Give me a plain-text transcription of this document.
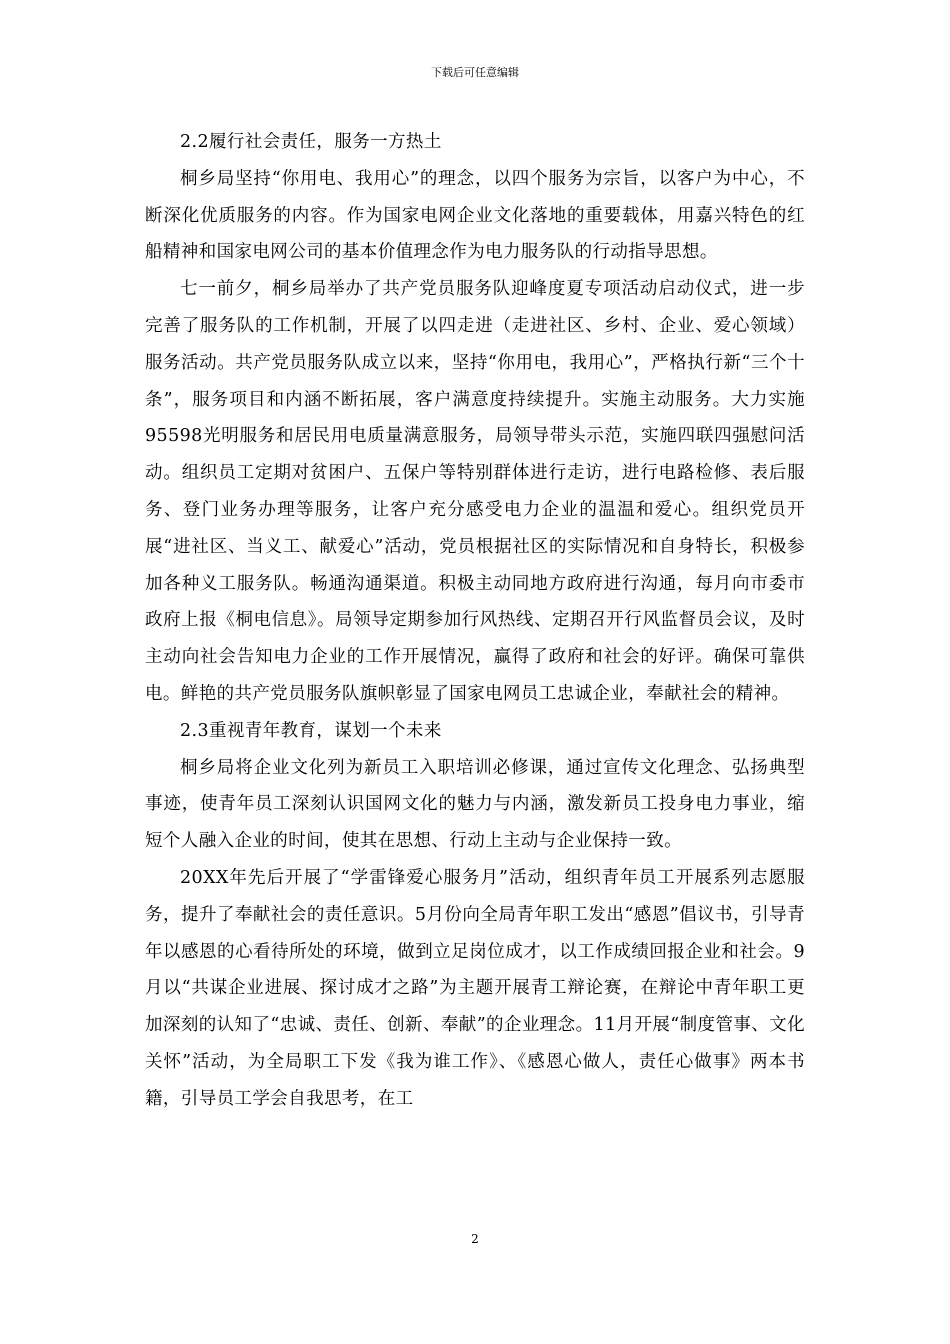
下载后可任意编辑

2.2履行社会责任，服务一方热土

桐乡局坚持“你用电、我用心”的理念，以四个服务为宗旨，以客户为中心，不断深化优质服务的内容。作为国家电网企业文化落地的重要载体，用嘉兴特色的红船精神和国家电网公司的基本价值理念作为电力服务队的行动指导思想。

七一前夕，桐乡局举办了共产党员服务队迎峰度夏专项活动启动仪式，进一步完善了服务队的工作机制，开展了以四走进（走进社区、乡村、企业、爱心领域）服务活动。共产党员服务队成立以来，坚持“你用电，我用心”，严格执行新“三个十条”，服务项目和内涵不断拓展，客户满意度持续提升。实施主动服务。大力实施95598光明服务和居民用电质量满意服务，局领导带头示范，实施四联四强慰问活动。组织员工定期对贫困户、五保户等特别群体进行走访，进行电路检修、表后服务、登门业务办理等服务，让客户充分感受电力企业的温温和爱心。组织党员开展“进社区、当义工、献爱心”活动，党员根据社区的实际情况和自身特长，积极参加各种义工服务队。畅通沟通渠道。积极主动同地方政府进行沟通，每月向市委市政府上报《桐电信息》。局领导定期参加行风热线、定期召开行风监督员会议，及时主动向社会告知电力企业的工作开展情况，赢得了政府和社会的好评。确保可靠供电。鲜艳的共产党员服务队旗帜彰显了国家电网员工忠诚企业，奉献社会的精神。

2.3重视青年教育，谋划一个未来

桐乡局将企业文化列为新员工入职培训必修课，通过宣传文化理念、弘扬典型事迹，使青年员工深刻认识国网文化的魅力与内涵，激发新员工投身电力事业，缩短个人融入企业的时间，使其在思想、行动上主动与企业保持一致。

20XX年先后开展了“学雷锋爱心服务月”活动，组织青年员工开展系列志愿服务，提升了奉献社会的责任意识。5月份向全局青年职工发出“感恩”倡议书，引导青年以感恩的心看待所处的环境，做到立足岗位成才，以工作成绩回报企业和社会。9月以“共谋企业进展、探讨成才之路”为主题开展青工辩论赛，在辩论中青年职工更加深刻的认知了“忠诚、责任、创新、奉献”的企业理念。11月开展“制度管事、文化关怀”活动，为全局职工下发《我为谁工作》、《感恩心做人，责任心做事》两本书籍，引导员工学会自我思考，在工

2
